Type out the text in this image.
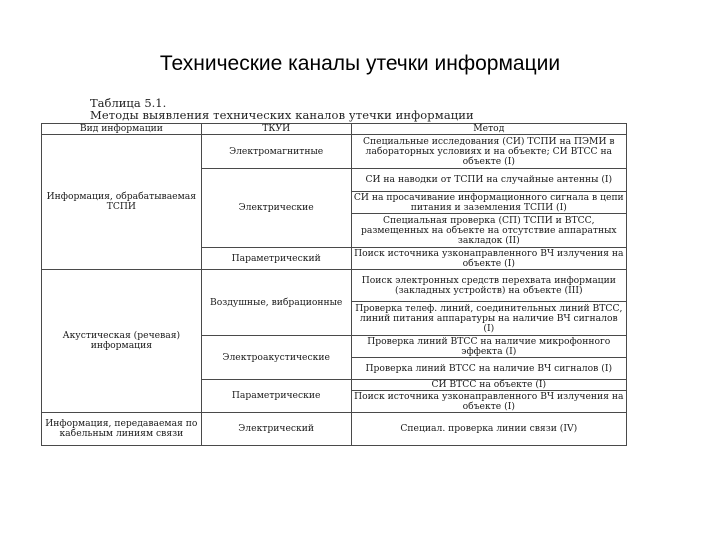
Технические каналы утечки информации
Таблица 5.1.
Методы выявления технических каналов утечки информации
Вид информации	ТКУИ	Метод
Информация, обрабатываемая ТСПИ	Электромагнитные	Специальные исследования (СИ) ТСПИ на ПЭМИ в лабораторных условиях и на объекте; СИ ВТСС на объекте (I)
	Электрические	СИ на наводки от ТСПИ на случайные антенны (I)
		СИ на просачивание информационного сигнала в цепи питания и заземления ТСПИ (I)
		Специальная проверка (СП) ТСПИ и ВТСС, размещенных на объекте на отсутствие аппаратных закладок (II)
	Параметрический	Поиск источника узконаправленного ВЧ излучения на объекте (I)
Акустическая (речевая) информация	Воздушные, вибрационные	Поиск электронных средств перехвата информации (закладных устройств) на объекте (III)
		Проверка телеф. линий, соединительных линий ВТСС, линий питания аппаратуры на наличие ВЧ сигналов (I)
	Электроакустические	Проверка линий ВТСС на наличие микрофонного эффекта (I)
		Проверка линий ВТСС на наличие ВЧ сигналов (I)
	Параметрические	СИ ВТСС на объекте (I)
		Поиск источника узконаправленного ВЧ излучения на объекте (I)
Информация, передаваемая по кабельным линиям связи	Электрический	Специал. проверка линии связи (IV)
